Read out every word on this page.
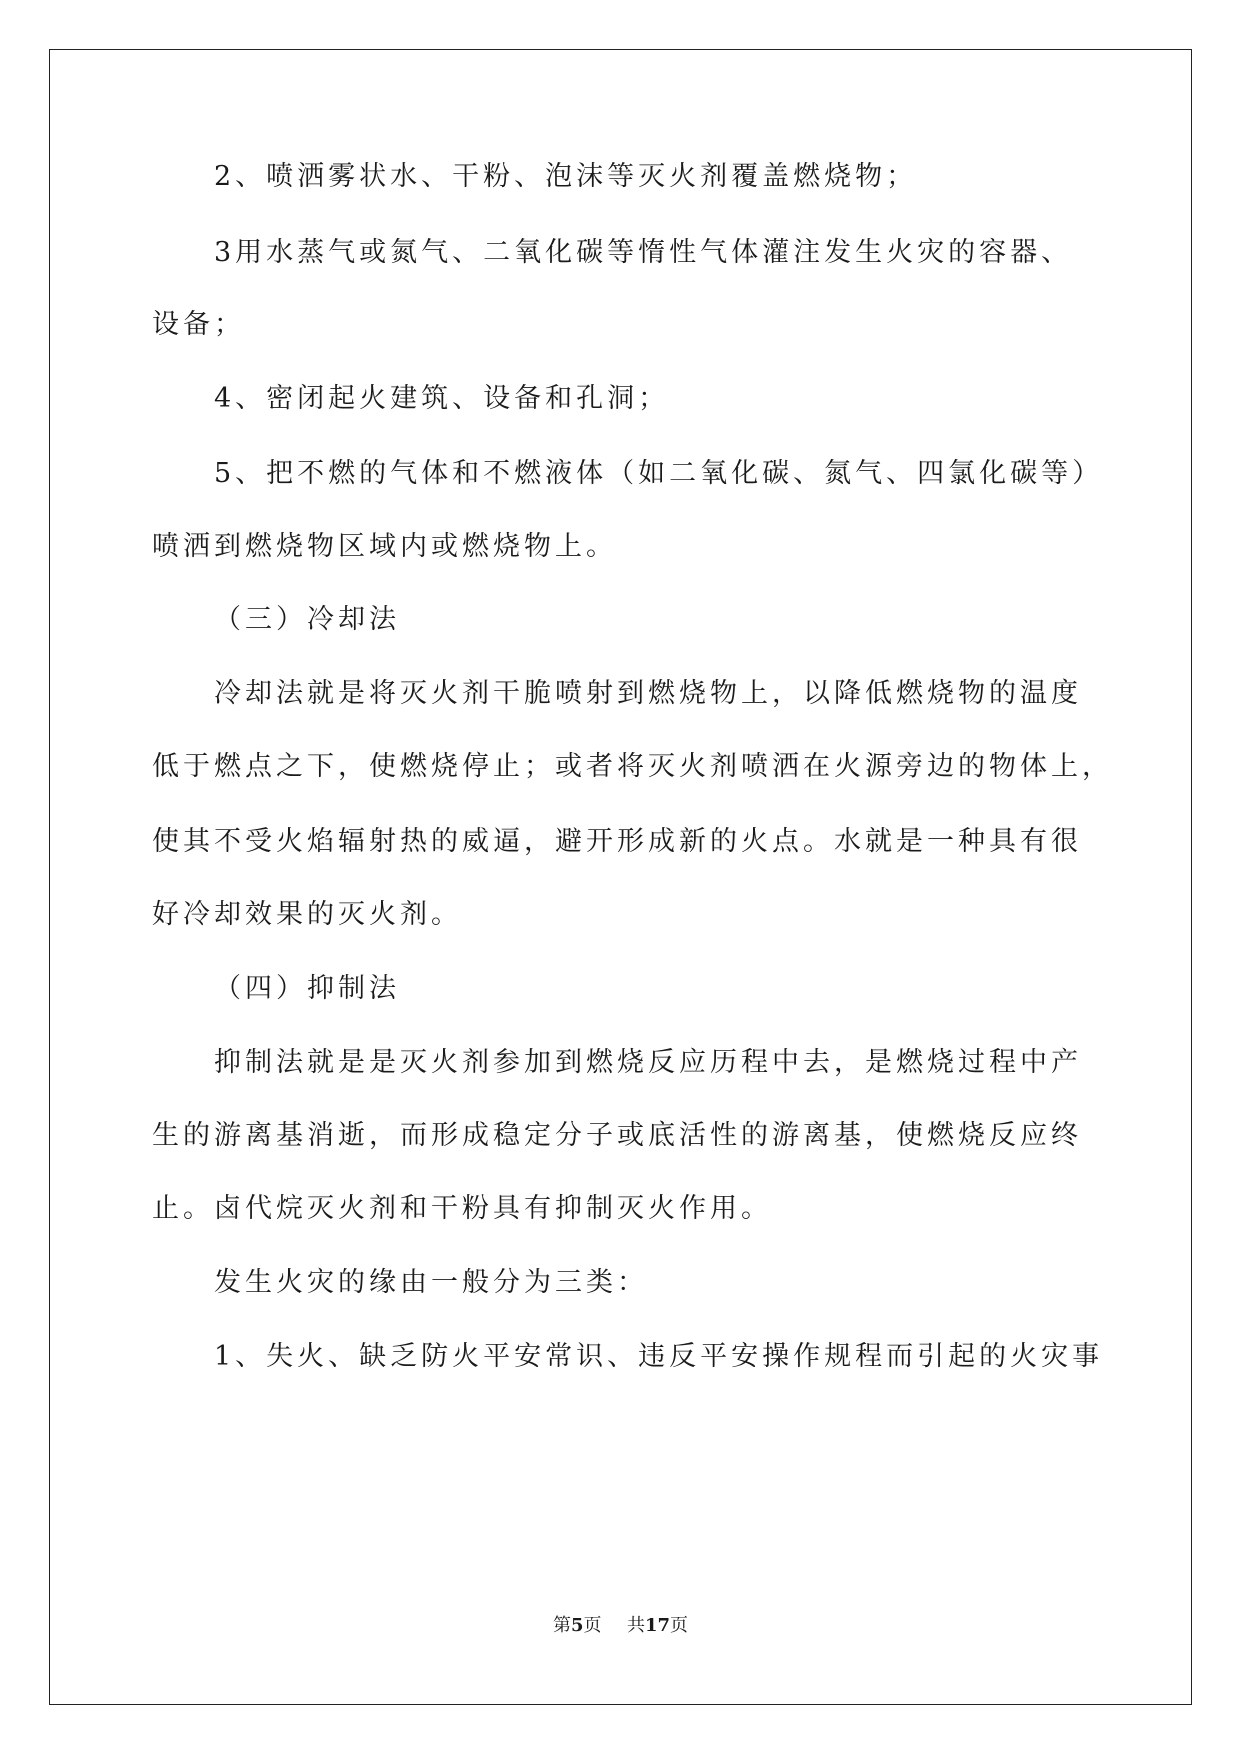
2、喷洒雾状水、干粉、泡沫等灭火剂覆盖燃烧物；
3用水蒸气或氮气、二氧化碳等惰性气体灌注发生火灾的容器、
设备；
4、密闭起火建筑、设备和孔洞；
5、把不燃的气体和不燃液体（如二氧化碳、氮气、四氯化碳等）
喷洒到燃烧物区域内或燃烧物上。
（三）冷却法
冷却法就是将灭火剂干脆喷射到燃烧物上，以降低燃烧物的温度
低于燃点之下，使燃烧停止；或者将灭火剂喷洒在火源旁边的物体上，
使其不受火焰辐射热的威逼，避开形成新的火点。水就是一种具有很
好冷却效果的灭火剂。
（四）抑制法
抑制法就是是灭火剂参加到燃烧反应历程中去，是燃烧过程中产
生的游离基消逝，而形成稳定分子或底活性的游离基，使燃烧反应终
止。卤代烷灭火剂和干粉具有抑制灭火作用。
发生火灾的缘由一般分为三类：
1、失火、缺乏防火平安常识、违反平安操作规程而引起的火灾事
第5页 共17页
